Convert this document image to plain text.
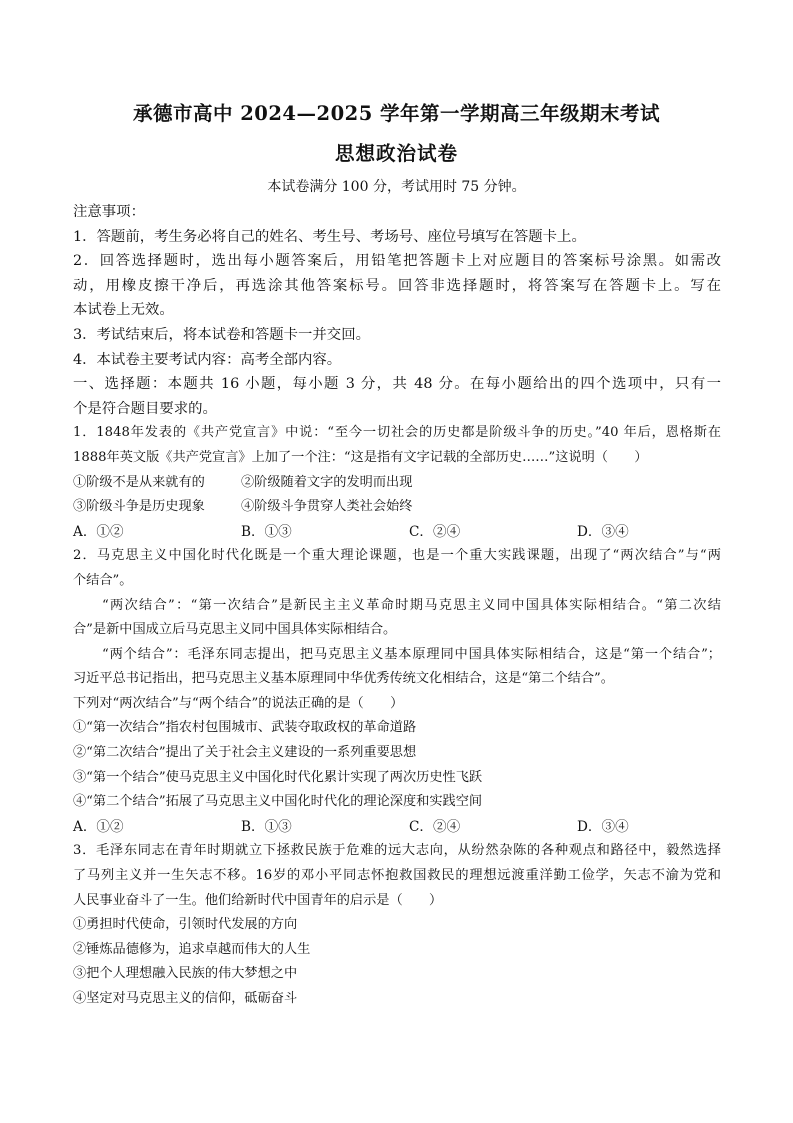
承德市高中 2024—2025 学年第一学期高三年级期末考试
思想政治试卷
本试卷满分 100 分，考试用时 75 分钟。
注意事项：
1．答题前，考生务必将自己的姓名、考生号、考场号、座位号填写在答题卡上。
2．回答选择题时，选出每小题答案后，用铅笔把答题卡上对应题目的答案标号涂黑。如需改
动，用橡皮擦干净后，再选涂其他答案标号。回答非选择题时，将答案写在答题卡上。写在
本试卷上无效。
3．考试结束后，将本试卷和答题卡一并交回。
4．本试卷主要考试内容：高考全部内容。
一、选择题：本题共 16 小题，每小题 3 分，共 48 分。在每小题给出的四个选项中，只有一
个是符合题目要求的。
1．1848年发表的《共产党宣言》中说：“至今一切社会的历史都是阶级斗争的历史。”40 年后，恩格斯在
1888年英文版《共产党宣言》上加了一个注：“这是指有文字记载的全部历史……”这说明（　　）
①阶级不是从来就有的	②阶级随着文字的发明而出现
③阶级斗争是历史现象	④阶级斗争贯穿人类社会始终
A．①②	B．①③	C．②④	D．③④
2．马克思主义中国化时代化既是一个重大理论课题，也是一个重大实践课题，出现了“两次结合”与“两
个结合”。
“两次结合”：“第一次结合”是新民主主义革命时期马克思主义同中国具体实际相结合。“第二次结
合”是新中国成立后马克思主义同中国具体实际相结合。
“两个结合”：毛泽东同志提出，把马克思主义基本原理同中国具体实际相结合，这是“第一个结合”；
习近平总书记指出，把马克思主义基本原理同中华优秀传统文化相结合，这是“第二个结合”。
下列对“两次结合”与“两个结合”的说法正确的是（　　）
①“第一次结合”指农村包围城市、武装夺取政权的革命道路
②“第二次结合”提出了关于社会主义建设的一系列重要思想
③“第一个结合”使马克思主义中国化时代化累计实现了两次历史性飞跃
④“第二个结合”拓展了马克思主义中国化时代化的理论深度和实践空间
A．①②	B．①③	C．②④	D．③④
3．毛泽东同志在青年时期就立下拯救民族于危难的远大志向，从纷然杂陈的各种观点和路径中，毅然选择
了马列主义并一生矢志不移。16岁的邓小平同志怀抱救国救民的理想远渡重洋勤工俭学，矢志不渝为党和
人民事业奋斗了一生。他们给新时代中国青年的启示是（　　）
①勇担时代使命，引领时代发展的方向
②锤炼品德修为，追求卓越而伟大的人生
③把个人理想融入民族的伟大梦想之中
④坚定对马克思主义的信仰，砥砺奋斗
